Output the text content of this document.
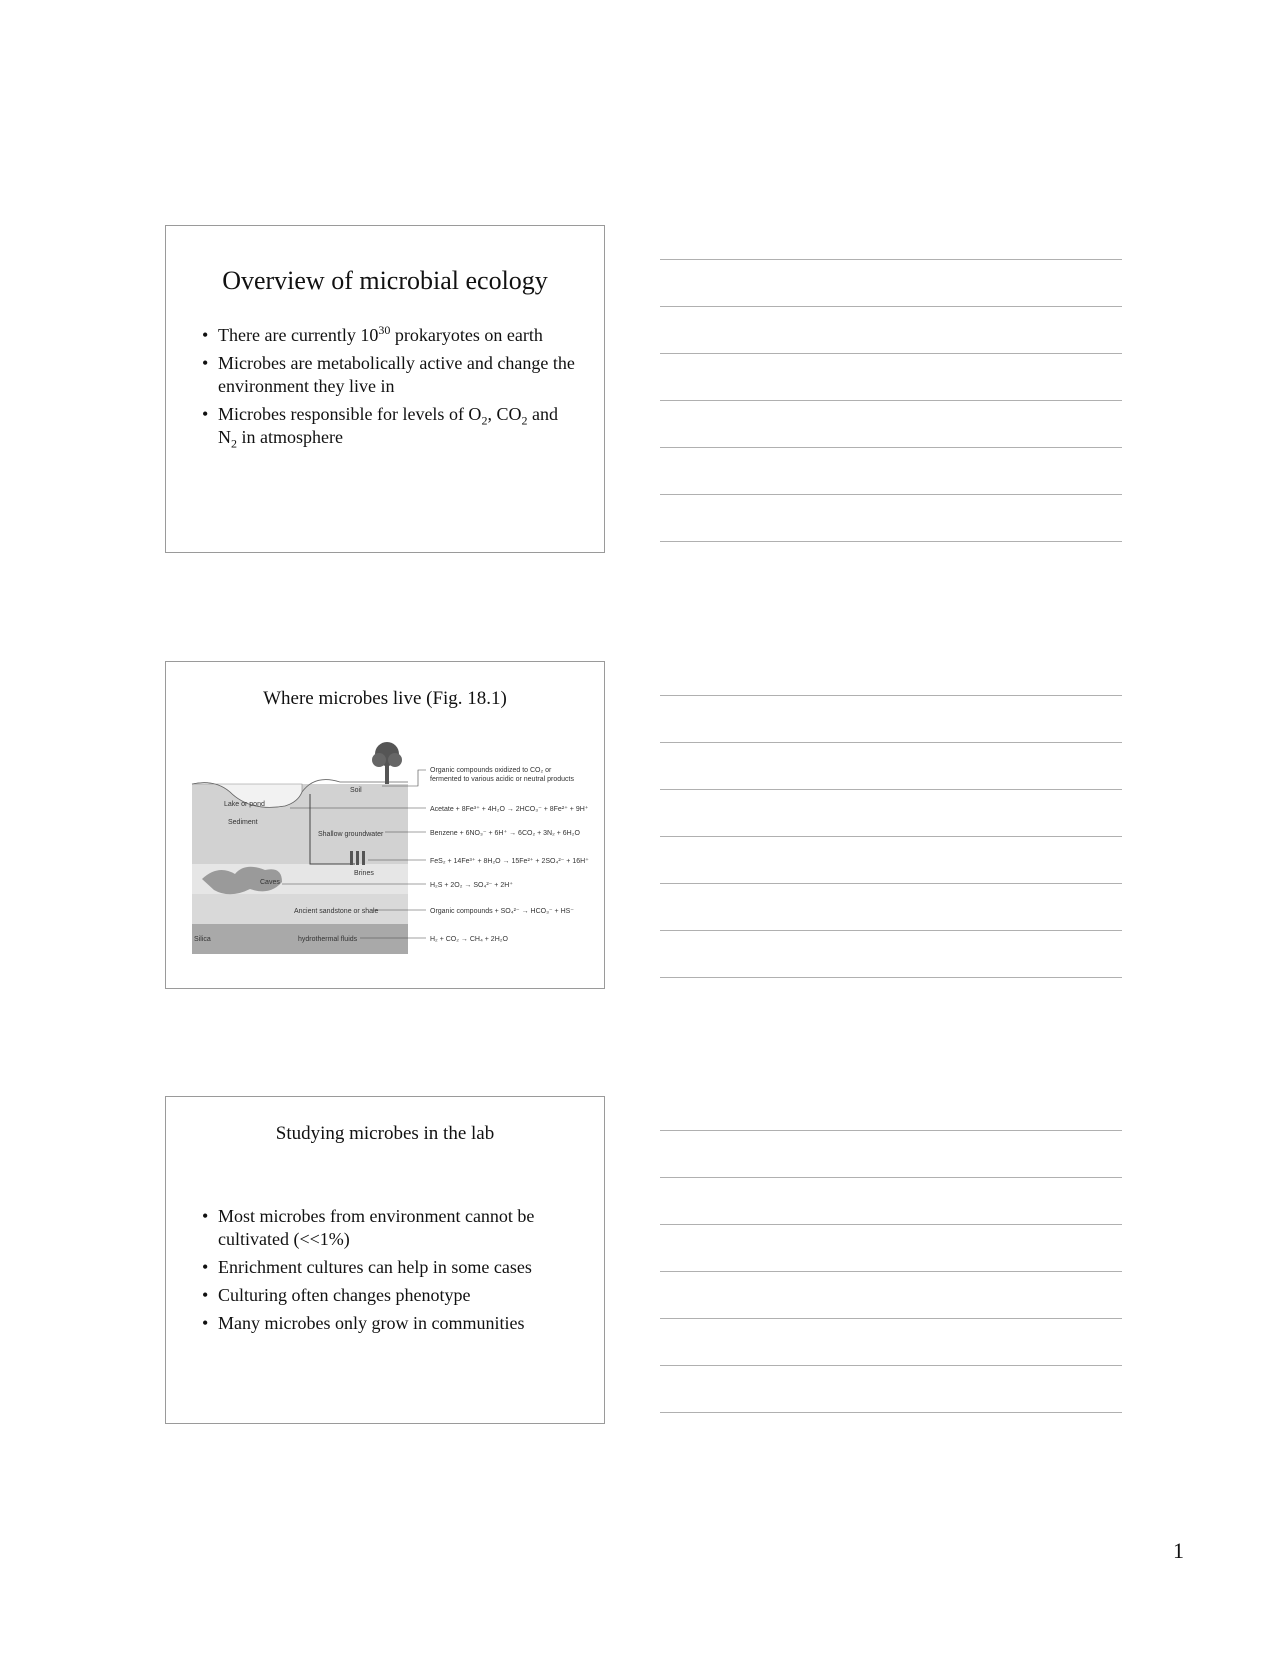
Overview of microbial ecology
• There are currently $10^{30}$ prokaryotes on earth
• Microbes are metabolically active and change the environment they live in
• Microbes responsible for levels of $O_2$, $CO_2$ and $N_2$ in atmosphere
Where microbes live (Fig. 18.1)
Soil
Lake or pond
Sediment
Shallow groundwater
Brines
Caves
Ancient sandstone or shale
Silica	hydrothermal fluids
Organic compounds oxidized to CO₂ or
fermented to various acidic or neutral products
Acetate + 8Fe³⁺ + 4H₂O → 2HCO₃⁻ + 8Fe²⁺ + 9H⁺
Benzene + 6NO₃⁻ + 6H⁺ → 6CO₂ + 3N₂ + 6H₂O
FeS₂ + 14Fe³⁺ + 8H₂O → 15Fe²⁺ + 2SO₄²⁻ + 16H⁺
H₂S + 2O₂ → SO₄²⁻ + 2H⁺
Organic compounds + SO₄²⁻ → HCO₃⁻ + HS⁻
H₂ + CO₂ → CH₄ + 2H₂O
Studying microbes in the lab
• Most microbes from environment cannot be cultivated (<<1%)
• Enrichment cultures can help in some cases
• Culturing often changes phenotype
• Many microbes only grow in communities
1
